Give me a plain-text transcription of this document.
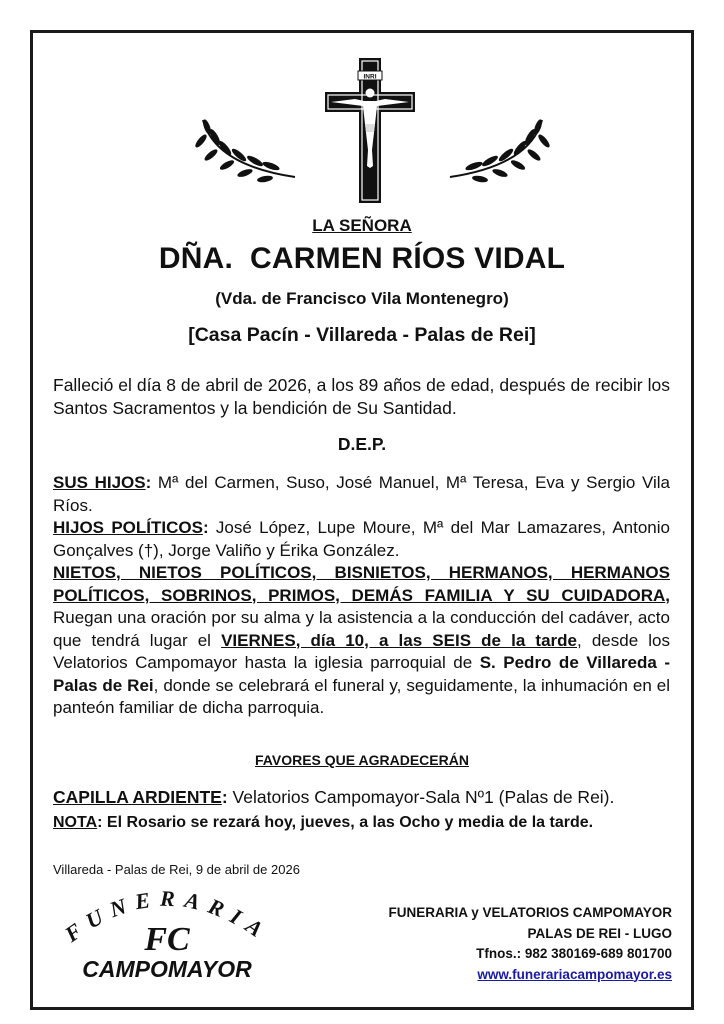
INRI
LA SEÑORA
DÑA.  CARMEN RÍOS VIDAL
(Vda. de Francisco Vila Montenegro)
[Casa Pacín - Villareda - Palas de Rei]
Falleció el día 8 de abril de 2026, a los 89 años de edad, después de recibir los Santos Sacramentos y la bendición de Su Santidad.
D.E.P.

SUS HIJOS: Mª del Carmen, Suso, José Manuel, Mª Teresa, Eva y Sergio Vila Ríos.

HIJOS POLÍTICOS: José López, Lupe Moure, Mª del Mar Lamazares, Antonio Gonçalves (†), Jorge Valiño y Érika González.

NIETOS, NIETOS POLÍTICOS, BISNIETOS, HERMANOS, HERMANOS POLÍTICOS, SOBRINOS, PRIMOS, DEMÁS FAMILIA Y SU CUIDADORA, Ruegan una oración por su alma y la asistencia a la conducción del cadáver, acto que tendrá lugar el VIERNES, día 10, a las SEIS de la tarde, desde los Velatorios Campomayor hasta la iglesia parroquial de S. Pedro de Villareda - Palas de Rei, donde se celebrará el funeral y, seguidamente, la inhumación en el panteón familiar de dicha parroquia.

FAVORES QUE AGRADECERÁN
CAPILLA ARDIENTE: Velatorios Campomayor-Sala Nº1 (Palas de Rei).
NOTA: El Rosario se rezará hoy, jueves, a las Ocho y media de la tarde.
Villareda - Palas de Rei, 9 de abril de 2026
FUNERARIA
FC
CAMPOMAYOR
FUNERARIA y VELATORIOS CAMPOMAYOR
PALAS DE REI - LUGO
Tfnos.: 982 380169-689 801700
www.funerariacampomayor.es
